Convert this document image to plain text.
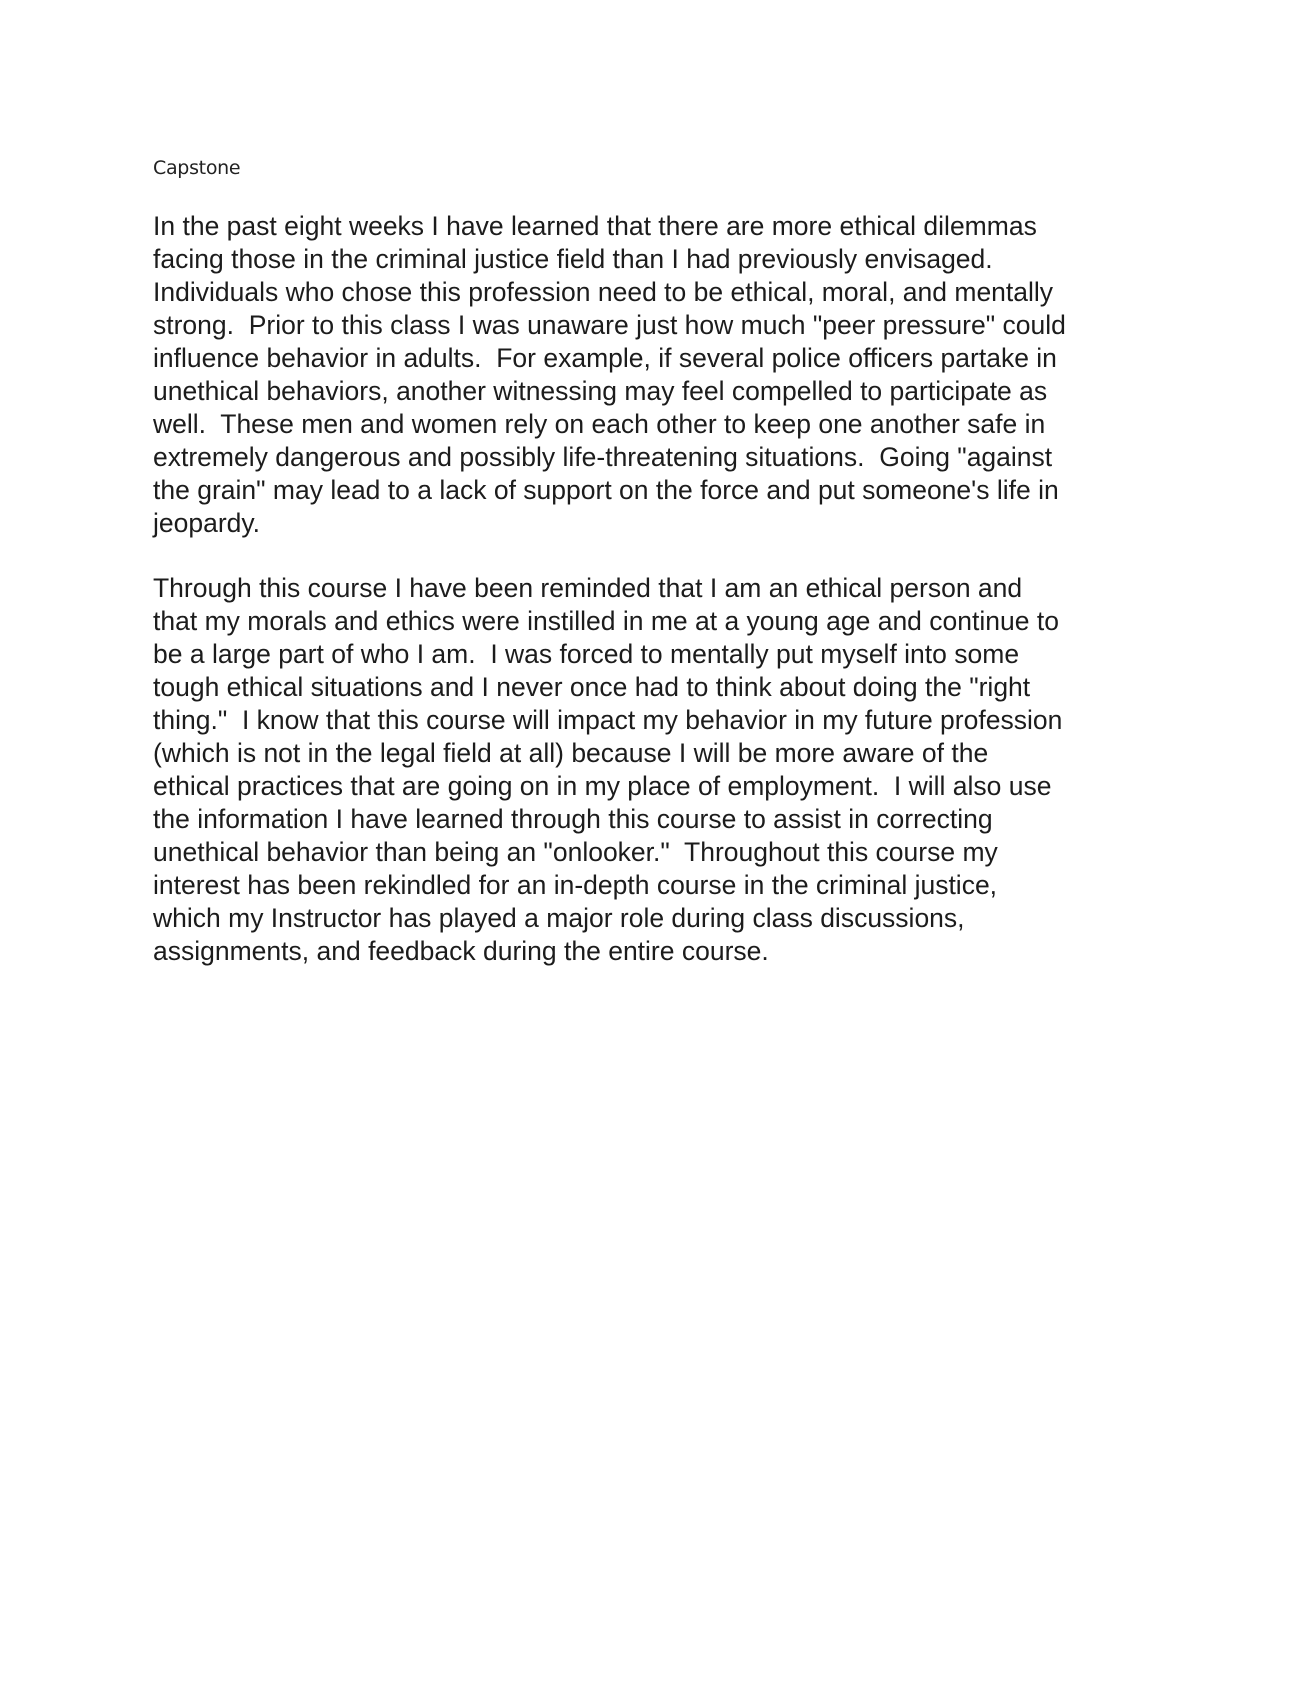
Capstone

In the past eight weeks I have learned that there are more ethical dilemmas
facing those in the criminal justice field than I had previously envisaged.
Individuals who chose this profession need to be ethical, moral, and mentally
strong.  Prior to this class I was unaware just how much "peer pressure" could
influence behavior in adults.  For example, if several police officers partake in
unethical behaviors, another witnessing may feel compelled to participate as
well.  These men and women rely on each other to keep one another safe in
extremely dangerous and possibly life-threatening situations.  Going "against
the grain" may lead to a lack of support on the force and put someone's life in
jeopardy.

Through this course I have been reminded that I am an ethical person and
that my morals and ethics were instilled in me at a young age and continue to
be a large part of who I am.  I was forced to mentally put myself into some
tough ethical situations and I never once had to think about doing the "right
thing."  I know that this course will impact my behavior in my future profession
(which is not in the legal field at all) because I will be more aware of the
ethical practices that are going on in my place of employment.  I will also use
the information I have learned through this course to assist in correcting
unethical behavior than being an "onlooker."  Throughout this course my
interest has been rekindled for an in-depth course in the criminal justice,
which my Instructor has played a major role during class discussions,
assignments, and feedback during the entire course.
